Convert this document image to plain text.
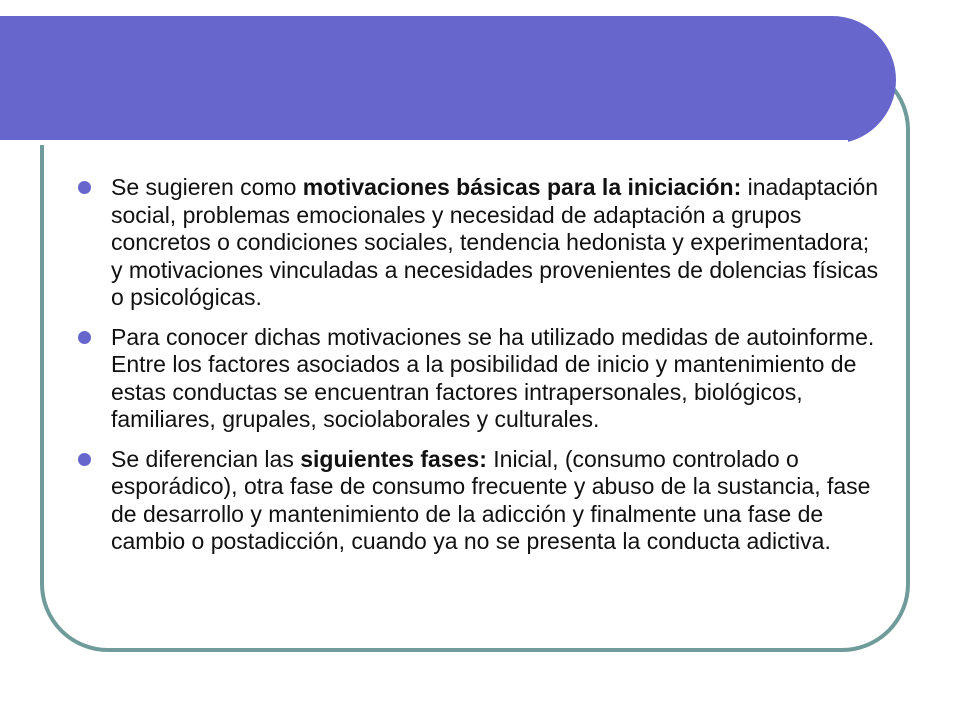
Se sugieren como motivaciones básicas para la iniciación: inadaptación social, problemas emocionales y necesidad de adaptación a grupos concretos o condiciones sociales, tendencia hedonista y experimentadora; y motivaciones vinculadas a necesidades provenientes de dolencias físicas o psicológicas.
Para conocer dichas motivaciones se ha utilizado medidas de autoinforme. Entre los factores asociados a la posibilidad de inicio y mantenimiento de estas conductas se encuentran factores intrapersonales, biológicos, familiares, grupales, sociolaborales y culturales.
Se diferencian las siguientes fases: Inicial, (consumo controlado o esporádico), otra fase de consumo frecuente y abuso de la sustancia, fase de desarrollo y mantenimiento de la adicción y finalmente una fase de cambio o postadicción, cuando ya no se presenta la conducta adictiva.
